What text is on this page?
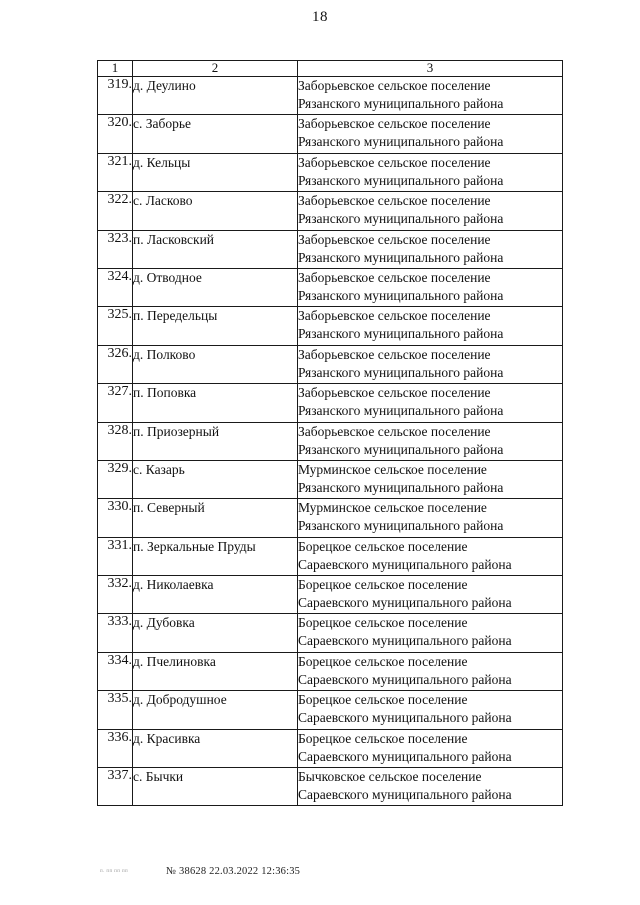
18
1	2	3
319.	д. Деулино	Заборьевское сельское поселение
Рязанского муниципального района

320.	с. Заборье	Заборьевское сельское поселение
Рязанского муниципального района

321.	д. Кельцы	Заборьевское сельское поселение
Рязанского муниципального района

322.	с. Ласково	Заборьевское сельское поселение
Рязанского муниципального района

323.	п. Ласковский	Заборьевское сельское поселение
Рязанского муниципального района

324.	д. Отводное	Заборьевское сельское поселение
Рязанского муниципального района

325.	п. Передельцы	Заборьевское сельское поселение
Рязанского муниципального района

326.	д. Полково	Заборьевское сельское поселение
Рязанского муниципального района

327.	п. Поповка	Заборьевское сельское поселение
Рязанского муниципального района

328.	п. Приозерный	Заборьевское сельское поселение
Рязанского муниципального района

329.	с. Казарь	Мурминское сельское поселение
Рязанского муниципального района

330.	п. Северный	Мурминское сельское поселение
Рязанского муниципального района

331.	п. Зеркальные Пруды	Борецкое сельское поселение
Сараевского муниципального района

332.	д. Николаевка	Борецкое сельское поселение
Сараевского муниципального района

333.	д. Дубовка	Борецкое сельское поселение
Сараевского муниципального района

334.	д. Пчелиновка	Борецкое сельское поселение
Сараевского муниципального района

335.	д. Добродушное	Борецкое сельское поселение
Сараевского муниципального района

336.	д. Красивка	Борецкое сельское поселение
Сараевского муниципального района

337.	с. Бычки	Бычковское сельское поселение
Сараевского муниципального района
п. пп пп пп	№ 38628 22.03.2022 12:36:35
